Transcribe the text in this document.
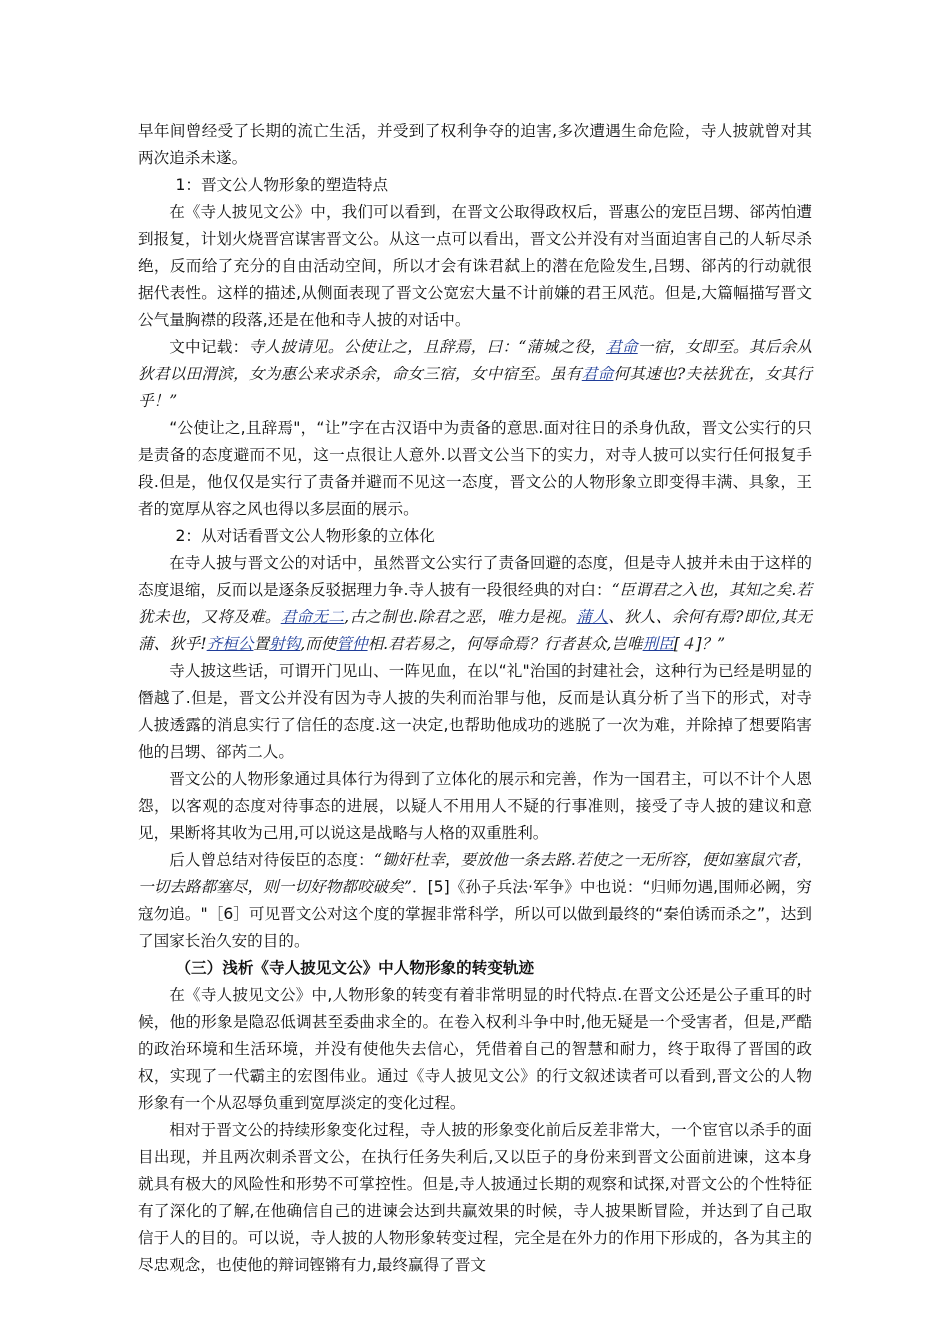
早年间曾经受了长期的流亡生活，并受到了权利争夺的迫害,多次遭遇生命危险，寺人披就曾对其两次追杀未遂。

1：晋文公人物形象的塑造特点

在《寺人披见文公》中，我们可以看到，在晋文公取得政权后，晋惠公的宠臣吕甥、郤芮怕遭到报复，计划火烧晋宫谋害晋文公。从这一点可以看出，晋文公并没有对当面迫害自己的人斩尽杀绝，反而给了充分的自由活动空间，所以才会有诛君弑上的潜在危险发生,吕甥、郤芮的行动就很据代表性。这样的描述,从侧面表现了晋文公宽宏大量不计前嫌的君王风范。但是,大篇幅描写晋文公气量胸襟的段落,还是在他和寺人披的对话中。

文中记载：寺人披请见。公使让之，且辞焉，曰：“蒲城之役，君命一宿，女即至。其后余从狄君以田渭滨，女为惠公来求杀余，命女三宿，女中宿至。虽有君命何其速也?夫祛犹在，女其行乎！”

“公使让之,且辞焉"，“让”字在古汉语中为责备的意思.面对往日的杀身仇敌，晋文公实行的只是责备的态度避而不见，这一点很让人意外.以晋文公当下的实力，对寺人披可以实行任何报复手段.但是，他仅仅是实行了责备并避而不见这一态度，晋文公的人物形象立即变得丰满、具象，王者的宽厚从容之风也得以多层面的展示。

2：从对话看晋文公人物形象的立体化

在寺人披与晋文公的对话中，虽然晋文公实行了责备回避的态度，但是寺人披并未由于这样的态度退缩，反而以是逐条反驳据理力争.寺人披有一段很经典的对白：“臣谓君之入也，其知之矣.若犹未也，又将及难。君命无二,古之制也.除君之恶，唯力是视。蒲人、狄人、余何有焉?即位,其无蒲、狄乎!齐桓公置射钩,而使管仲相.君若易之，何辱命焉？行者甚众,岂唯刑臣[４]？”

寺人披这些话，可谓开门见山、一阵见血，在以“礼"治国的封建社会，这种行为已经是明显的僭越了.但是，晋文公并没有因为寺人披的失利而治罪与他，反而是认真分析了当下的形式，对寺人披透露的消息实行了信任的态度.这一决定,也帮助他成功的逃脱了一次为难，并除掉了想要陷害他的吕甥、郤芮二人。

晋文公的人物形象通过具体行为得到了立体化的展示和完善，作为一国君主，可以不计个人恩怨，以客观的态度对待事态的进展，以疑人不用用人不疑的行事准则，接受了寺人披的建议和意见，果断将其收为己用,可以说这是战略与人格的双重胜利。

后人曾总结对待佞臣的态度：“锄奸杜幸，要放他一条去路.若使之一无所容，便如塞鼠穴者，一切去路都塞尽，则一切好物都咬破矣”．[5]《孙子兵法·军争》中也说：“归师勿遇,围师必阙，穷寇勿追。"［6］可见晋文公对这个度的掌握非常科学，所以可以做到最终的“秦伯诱而杀之”，达到了国家长治久安的目的。

（三）浅析《寺人披见文公》中人物形象的转变轨迹

在《寺人披见文公》中,人物形象的转变有着非常明显的时代特点.在晋文公还是公子重耳的时候，他的形象是隐忍低调甚至委曲求全的。在卷入权利斗争中时,他无疑是一个受害者，但是,严酷的政治环境和生活环境，并没有使他失去信心，凭借着自己的智慧和耐力，终于取得了晋国的政权，实现了一代霸主的宏图伟业。通过《寺人披见文公》的行文叙述读者可以看到,晋文公的人物形象有一个从忍辱负重到宽厚淡定的变化过程。

相对于晋文公的持续形象变化过程，寺人披的形象变化前后反差非常大，一个宦官以杀手的面目出现，并且两次刺杀晋文公，在执行任务失利后,又以臣子的身份来到晋文公面前进谏，这本身就具有极大的风险性和形势不可掌控性。但是,寺人披通过长期的观察和试探,对晋文公的个性特征有了深化的了解,在他确信自己的进谏会达到共赢效果的时候，寺人披果断冒险，并达到了自己取信于人的目的。可以说，寺人披的人物形象转变过程，完全是在外力的作用下形成的，各为其主的尽忠观念，也使他的辩词铿锵有力,最终赢得了晋文
